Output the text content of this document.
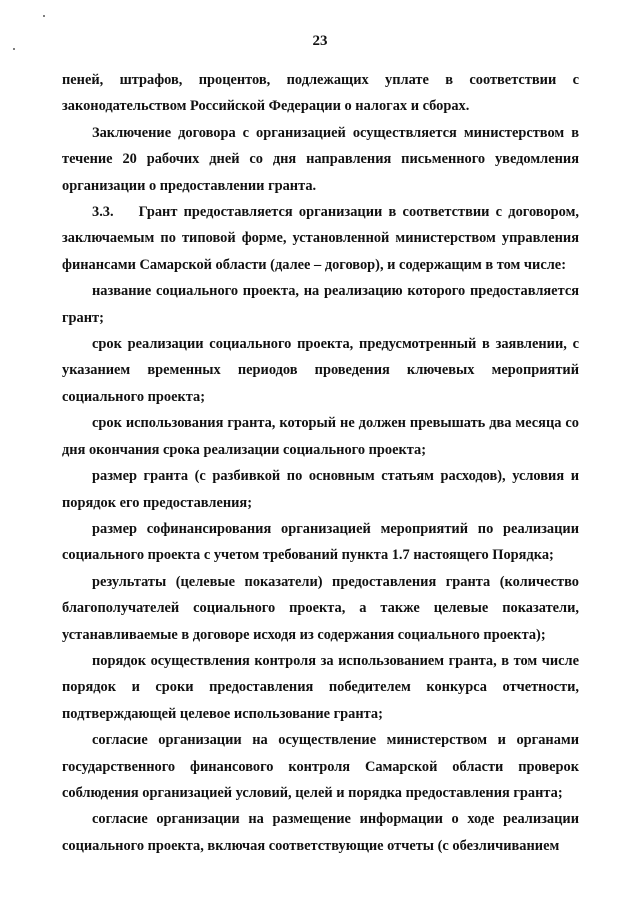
23

пеней, штрафов, процентов, подлежащих уплате в соответствии с законодательством Российской Федерации о налогах и сборах.

Заключение договора с организацией осуществляется министерством в течение 20 рабочих дней со дня направления письменного уведомления организации о предоставлении гранта.

3.3.    Грант предоставляется организации в соответствии с договором, заключаемым по типовой форме, установленной министерством управления финансами Самарской области (далее – договор), и содержащим в том числе:

название социального проекта, на реализацию которого предоставляется грант;

срок реализации социального проекта, предусмотренный в заявлении, с указанием временных периодов проведения ключевых мероприятий социального проекта;

срок использования гранта, который не должен превышать два месяца со дня окончания срока реализации социального проекта;

размер гранта (с разбивкой по основным статьям расходов), условия и порядок его предоставления;

размер софинансирования организацией мероприятий по реализации социального проекта с учетом требований пункта 1.7 настоящего Порядка;

результаты (целевые показатели) предоставления гранта (количество благополучателей социального проекта, а также целевые показатели, устанавливаемые в договоре исходя из содержания социального проекта);

порядок осуществления контроля за использованием гранта, в том числе порядок и сроки предоставления победителем конкурса отчетности, подтверждающей целевое использование гранта;

согласие организации на осуществление министерством и органами государственного финансового контроля Самарской области проверок соблюдения организацией условий, целей и порядка предоставления гранта;

согласие организации на размещение информации о ходе реализации социального проекта, включая соответствующие отчеты (с обезличиванием
